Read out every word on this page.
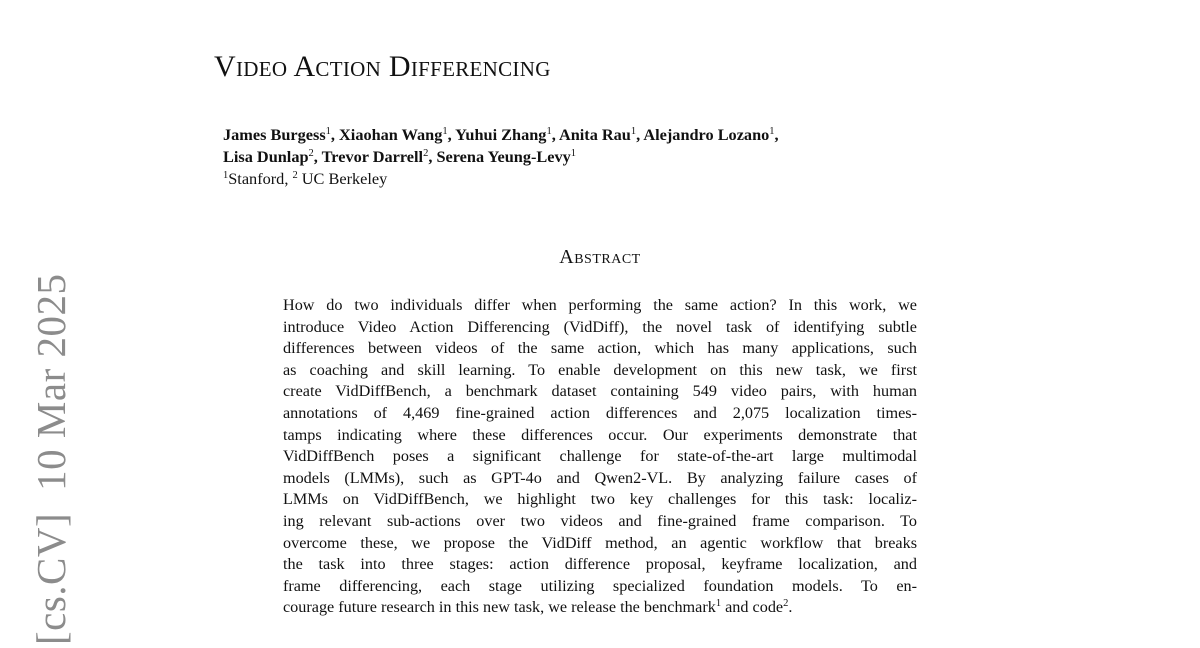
[cs.CV]10 Mar 2025
Video Action Differencing
James Burgess$^1$, Xiaohan Wang$^1$, Yuhui Zhang$^1$, Anita Rau$^1$, Alejandro Lozano$^1$,
Lisa Dunlap$^2$, Trevor Darrell$^2$, Serena Yeung-Levy$^1$
$^1$Stanford, $^2$ UC Berkeley
Abstract
How do two individuals differ when performing the same action? In this work, we
introduce Video Action Differencing (VidDiff), the novel task of identifying subtle
differences between videos of the same action, which has many applications, such
as coaching and skill learning. To enable development on this new task, we first
create VidDiffBench, a benchmark dataset containing 549 video pairs, with human
annotations of 4,469 fine-grained action differences and 2,075 localization times-
tamps indicating where these differences occur. Our experiments demonstrate that
VidDiffBench poses a significant challenge for state-of-the-art large multimodal
models (LMMs), such as GPT-4o and Qwen2-VL. By analyzing failure cases of
LMMs on VidDiffBench, we highlight two key challenges for this task: localiz-
ing relevant sub-actions over two videos and fine-grained frame comparison. To
overcome these, we propose the VidDiff method, an agentic workflow that breaks
the task into three stages: action difference proposal, keyframe localization, and
frame differencing, each stage utilizing specialized foundation models. To en-
courage future research in this new task, we release the benchmark$^1$ and code$^2$.
